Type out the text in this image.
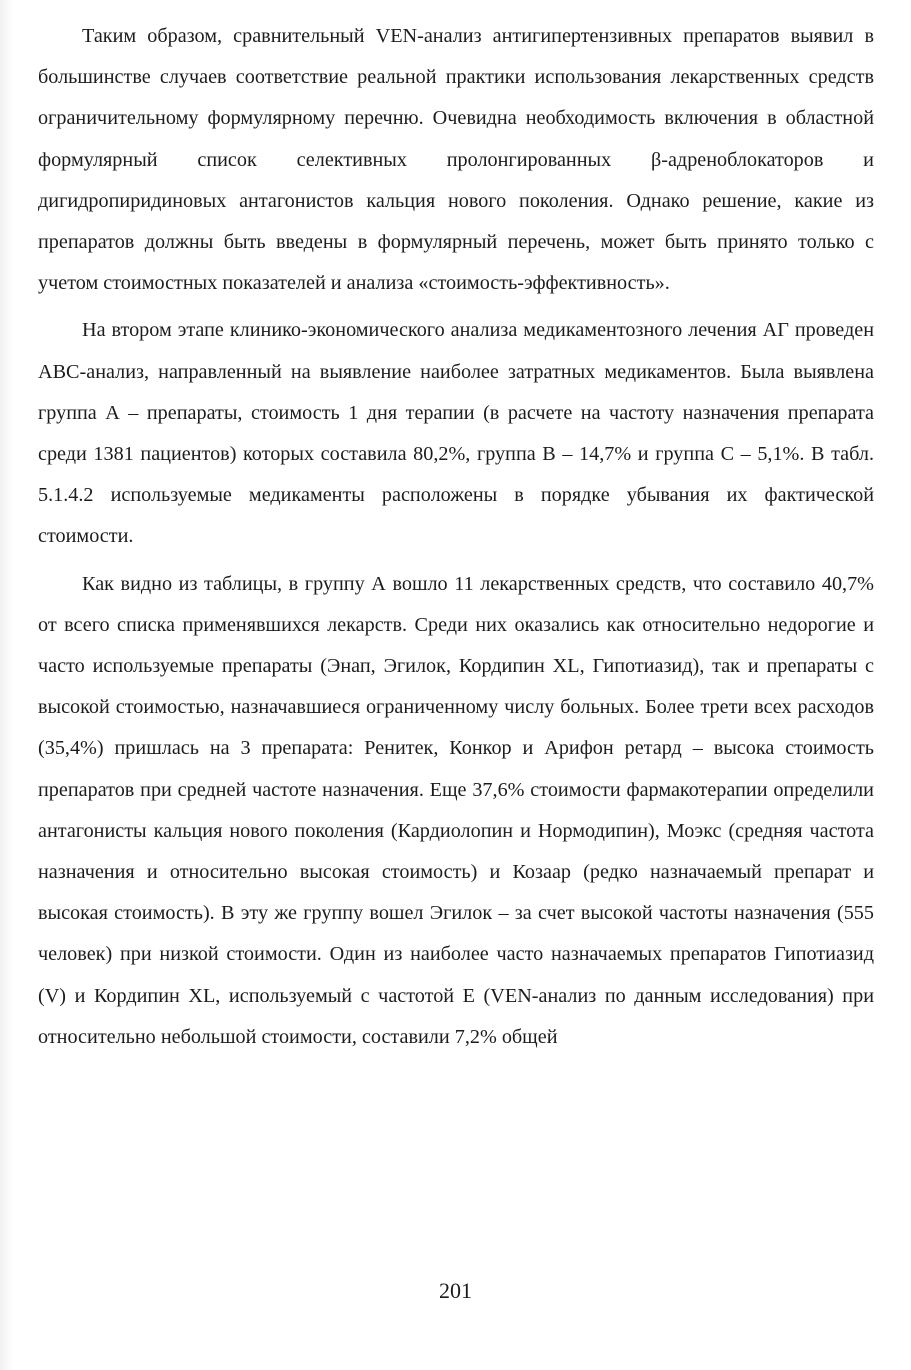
Таким образом, сравнительный VEN-анализ антигипертензивных препаратов выявил в большинстве случаев соответствие реальной практики использования лекарственных средств ограничительному формулярному перечню. Очевидна необходимость включения в областной формулярный список селективных пролонгированных β-адреноблокаторов и дигидропиридиновых антагонистов кальция нового поколения. Однако решение, какие из препаратов должны быть введены в формулярный перечень, может быть принято только с учетом стоимостных показателей и анализа «стоимость-эффективность».

На втором этапе клинико-экономического анализа медикаментозного лечения АГ проведен АВС-анализ, направленный на выявление наиболее затратных медикаментов. Была выявлена группа А – препараты, стоимость 1 дня терапии (в расчете на частоту назначения препарата среди 1381 пациентов) которых составила 80,2%, группа В – 14,7% и группа С – 5,1%. В табл. 5.1.4.2 используемые медикаменты расположены в порядке убывания их фактической стоимости.

Как видно из таблицы, в группу А вошло 11 лекарственных средств, что составило 40,7% от всего списка применявшихся лекарств. Среди них оказались как относительно недорогие и часто используемые препараты (Энап, Эгилок, Кордипин XL, Гипотиазид), так и препараты с высокой стоимостью, назначавшиеся ограниченному числу больных. Более трети всех расходов (35,4%) пришлась на 3 препарата: Ренитек, Конкор и Арифон ретард – высока стоимость препаратов при средней частоте назначения. Еще 37,6% стоимости фармакотерапии определили антагонисты кальция нового поколения (Кардиолопин и Нормодипин), Моэкс (средняя частота назначения и относительно высокая стоимость) и Козаар (редко назначаемый препарат и высокая стоимость). В эту же группу вошел Эгилок – за счет высокой частоты назначения (555 человек) при низкой стоимости. Один из наиболее часто назначаемых препаратов Гипотиазид (V) и Кордипин XL, используемый с частотой Е (VEN-анализ по данным исследования) при относительно небольшой стоимости, составили 7,2% общей

201
